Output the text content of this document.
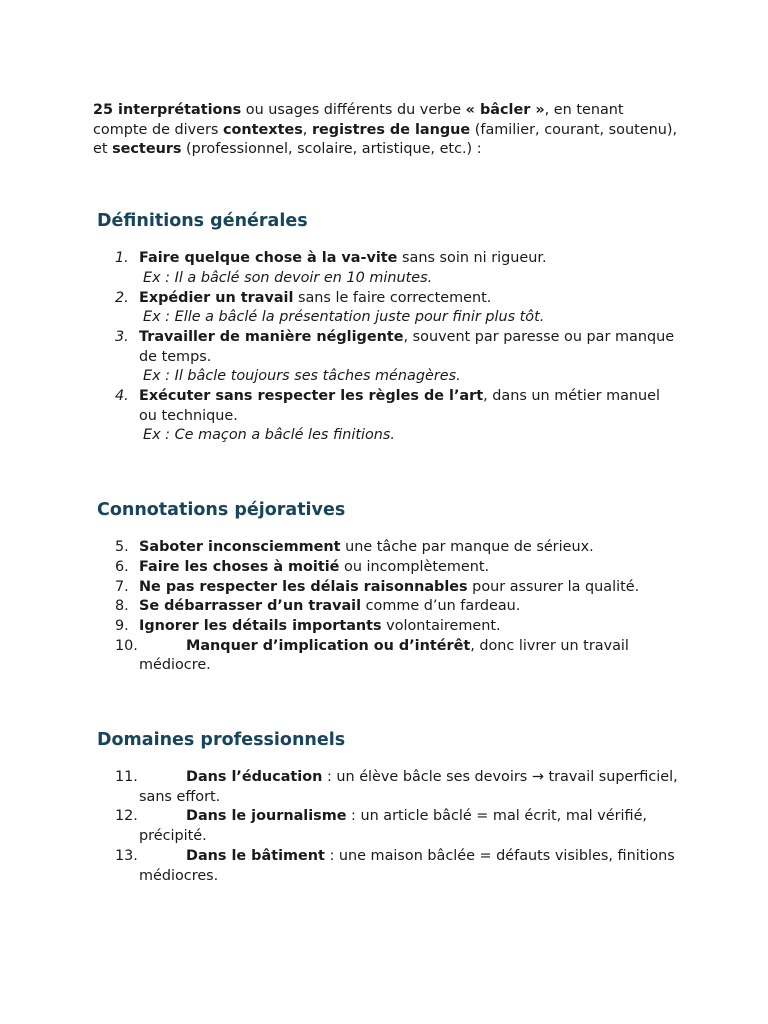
25 interprétations ou usages différents du verbe « bâcler », en tenant compte de divers contextes, registres de langue (familier, courant, soutenu), et secteurs (professionnel, scolaire, artistique, etc.) :

Définitions générales
1. Faire quelque chose à la va-vite sans soin ni rigueur.
Ex : Il a bâclé son devoir en 10 minutes.
2. Expédier un travail sans le faire correctement.
Ex : Elle a bâclé la présentation juste pour finir plus tôt.
3. Travailler de manière négligente, souvent par paresse ou par manque de temps.
Ex : Il bâcle toujours ses tâches ménagères.
4. Exécuter sans respecter les règles de l’art, dans un métier manuel ou technique.
Ex : Ce maçon a bâclé les finitions.
Connotations péjoratives
5. Saboter inconsciemment une tâche par manque de sérieux.
6. Faire les choses à moitié ou incomplètement.
7. Ne pas respecter les délais raisonnables pour assurer la qualité.
8. Se débarrasser d’un travail comme d’un fardeau.
9. Ignorer les détails importants volontairement.
10.	Manquer d’implication ou d’intérêt, donc livrer un travail médiocre.
Domaines professionnels
11.	Dans l’éducation : un élève bâcle ses devoirs → travail superficiel, sans effort.
12.	Dans le journalisme : un article bâclé = mal écrit, mal vérifié, précipité.
13.	Dans le bâtiment : une maison bâclée = défauts visibles, finitions médiocres.
